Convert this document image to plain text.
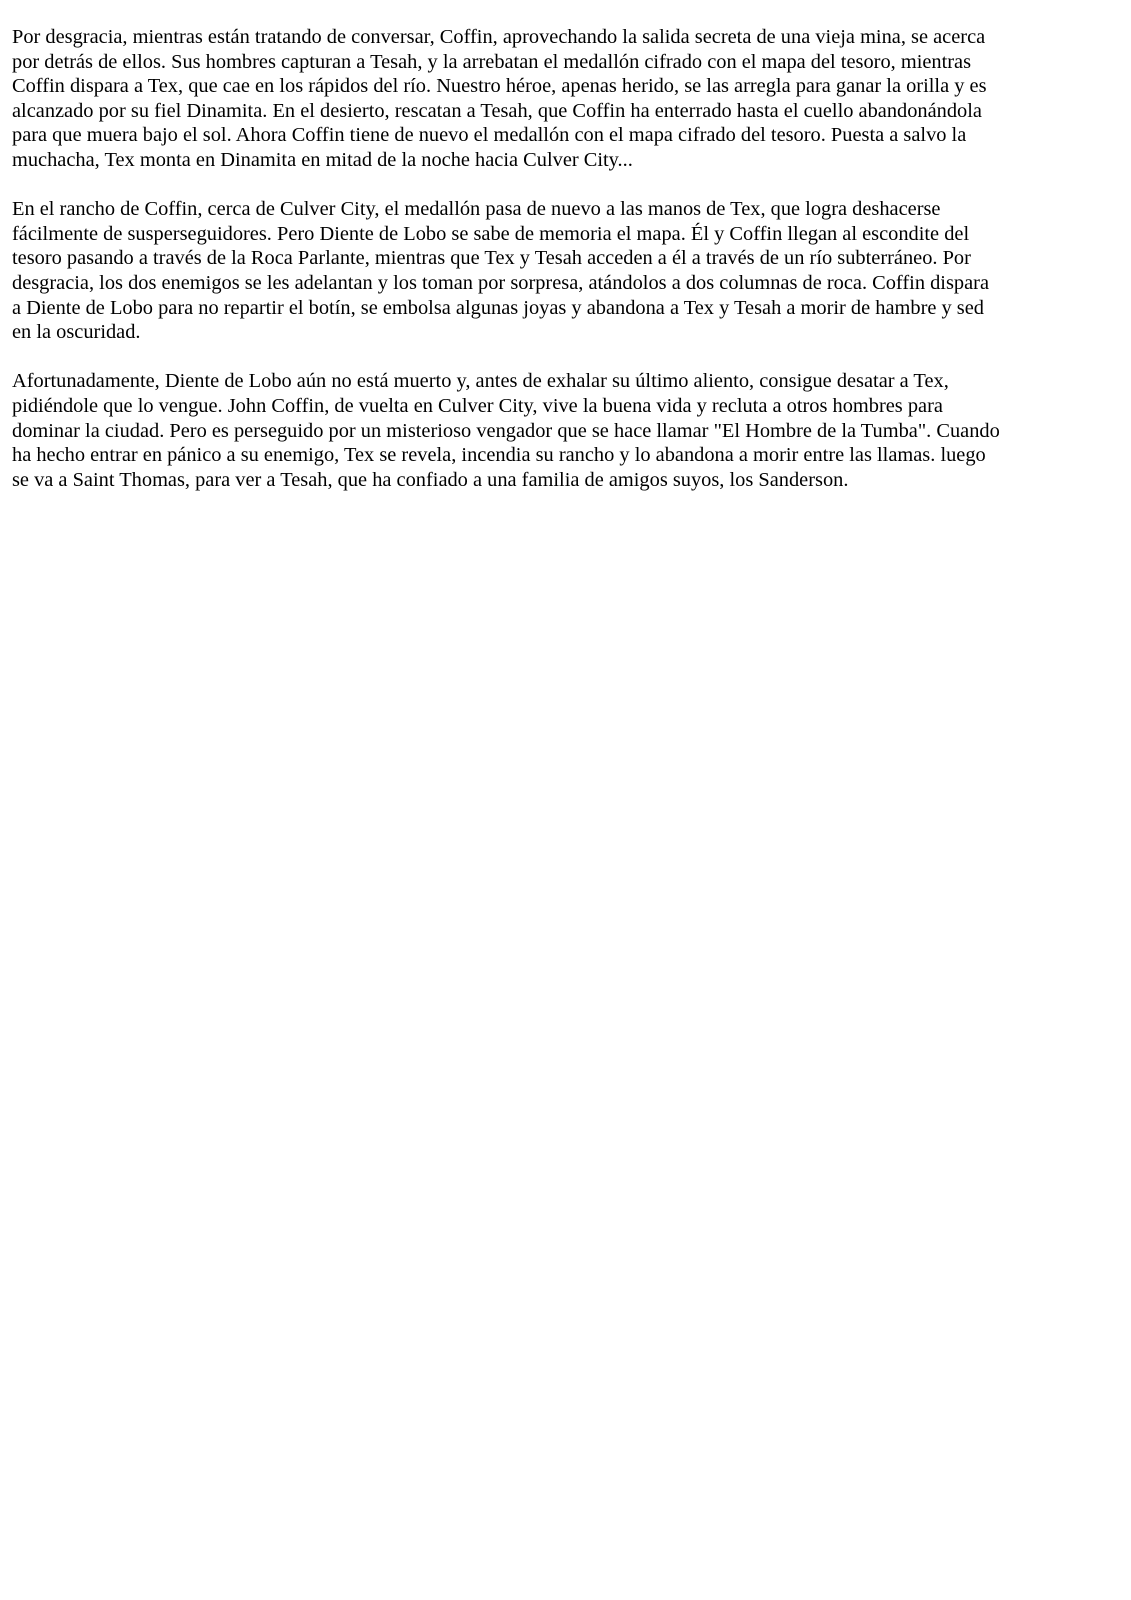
Por desgracia, mientras están tratando de conversar, Coffin, aprovechando la salida secreta de una vieja mina, se acerca
por detrás de ellos. Sus hombres capturan a Tesah, y la arrebatan el medallón cifrado con el mapa del tesoro, mientras
Coffin dispara a Tex, que cae en los rápidos del río. Nuestro héroe, apenas herido, se las arregla para ganar la orilla y es
alcanzado por su fiel Dinamita. En el desierto, rescatan a Tesah, que Coffin ha enterrado hasta el cuello abandonándola
para que muera bajo el sol. Ahora Coffin tiene de nuevo el medallón con el mapa cifrado del tesoro. Puesta a salvo la
muchacha, Tex monta en Dinamita en mitad de la noche hacia Culver City...

En el rancho de Coffin, cerca de Culver City, el medallón pasa de nuevo a las manos de Tex, que logra deshacerse
fácilmente de susperseguidores. Pero Diente de Lobo se sabe de memoria el mapa. Él y Coffin llegan al escondite del
tesoro pasando a través de la Roca Parlante, mientras que Tex y Tesah acceden a él a través de un río subterráneo. Por
desgracia, los dos enemigos se les adelantan y los toman por sorpresa, atándolos a dos columnas de roca. Coffin dispara
a Diente de Lobo para no repartir el botín, se embolsa algunas joyas y abandona a Tex y Tesah a morir de hambre y sed
en la oscuridad.

Afortunadamente, Diente de Lobo aún no está muerto y, antes de exhalar su último aliento, consigue desatar a Tex,
pidiéndole que lo vengue. John Coffin, de vuelta en Culver City, vive la buena vida y recluta a otros hombres para
dominar la ciudad. Pero es perseguido por un misterioso vengador que se hace llamar "El Hombre de la Tumba". Cuando
ha hecho entrar en pánico a su enemigo, Tex se revela, incendia su rancho y lo abandona a morir entre las llamas. luego
se va a Saint Thomas, para ver a Tesah, que ha confiado a una familia de amigos suyos, los Sanderson.
